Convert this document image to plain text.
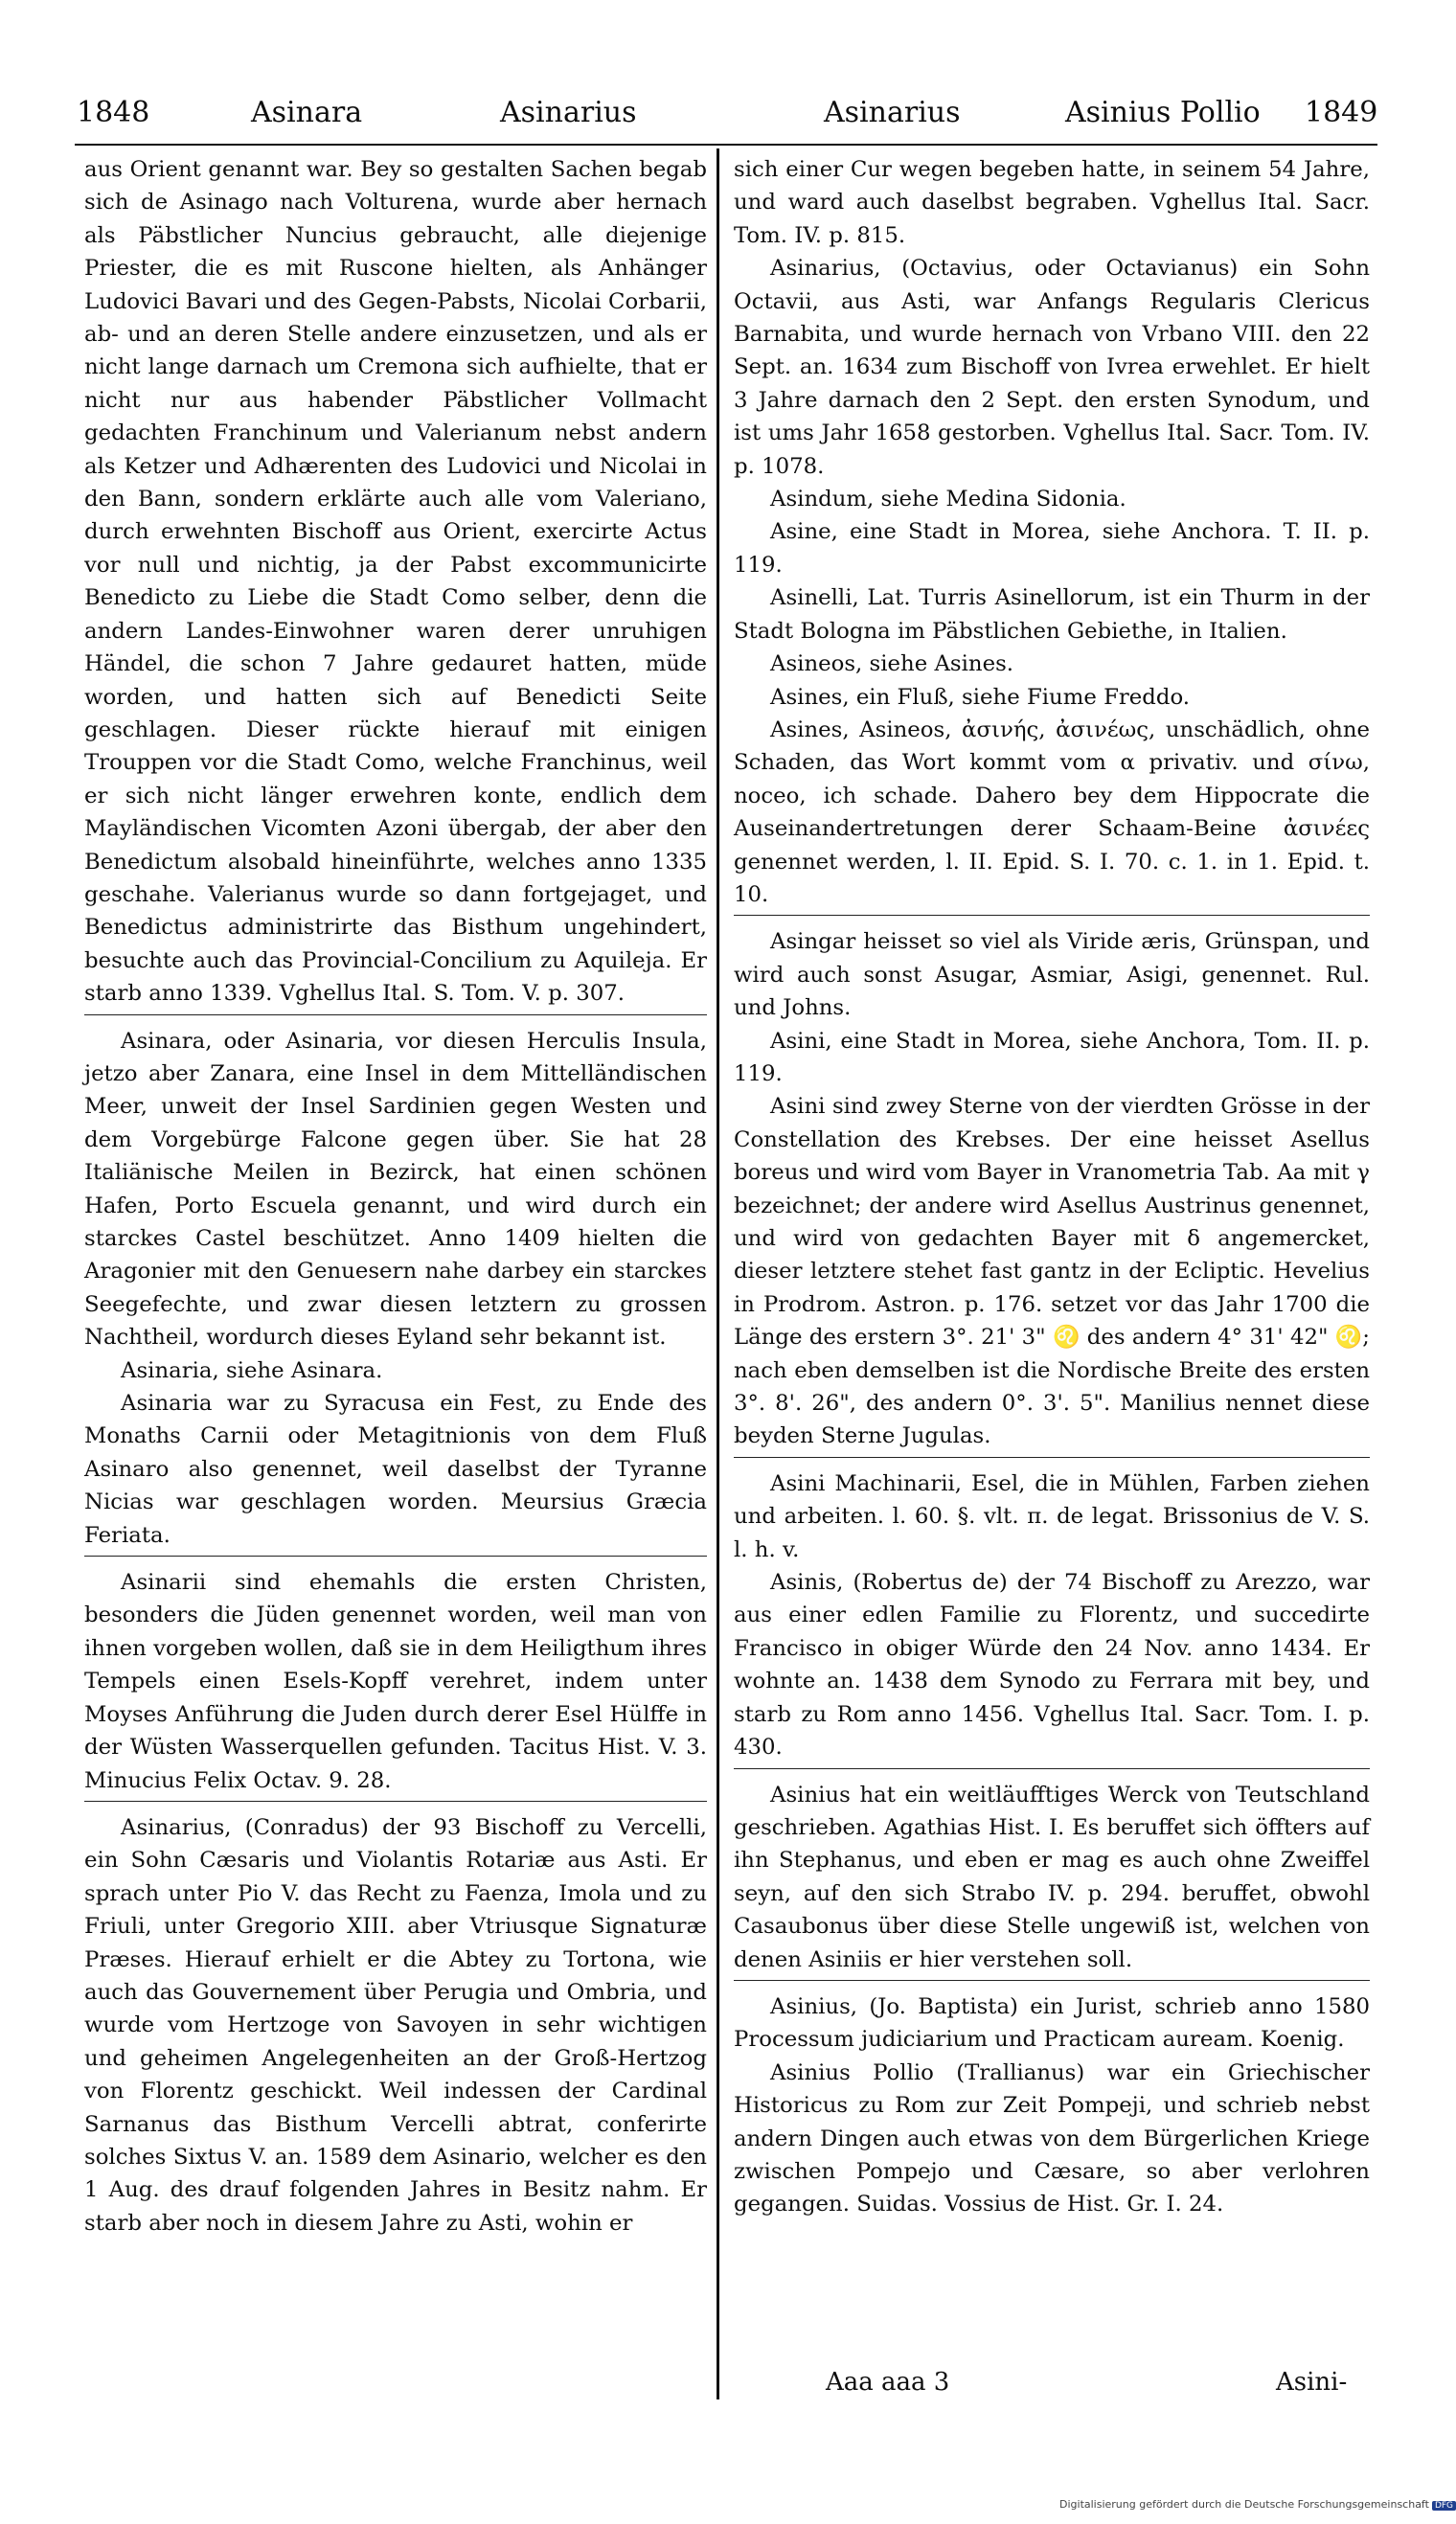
1848	Asinara	Asinarius	Asinarius	Asinius Pollio 1849

aus Orient genannt war. Bey so gestalten Sachen begab sich de Asinago nach Volturena, wurde aber hernach als Päbstlicher Nuncius gebraucht, alle diejenige Priester, die es mit Ruscone hielten, als Anhänger Ludovici Bavari und des Gegen-Pabsts, Nicolai Corbarii, ab- und an deren Stelle andere einzusetzen, und als er nicht lange darnach um Cremona sich aufhielte, that er nicht nur aus habender Päbstlicher Vollmacht gedachten Franchinum und Valerianum nebst andern als Ketzer und Adhærenten des Ludovici und Nicolai in den Bann, sondern erklärte auch alle vom Valeriano, durch erwehnten Bischoff aus Orient, exercirte Actus vor null und nichtig, ja der Pabst excommunicirte Benedicto zu Liebe die Stadt Como selber, denn die andern Landes-Einwohner waren derer unruhigen Händel, die schon 7 Jahre gedauret hatten, müde worden, und hatten sich auf Benedicti Seite geschlagen. Dieser rückte hierauf mit einigen Trouppen vor die Stadt Como, welche Franchinus, weil er sich nicht länger erwehren konte, endlich dem Mayländischen Vicomten Azoni übergab, der aber den Benedictum alsobald hineinführte, welches anno 1335 geschahe. Valerianus wurde so dann fortgejaget, und Benedictus administrirte das Bisthum ungehindert, besuchte auch das Provincial-Concilium zu Aquileja. Er starb anno 1339. Vghellus Ital. S. Tom. V. p. 307.

Asinara, oder Asinaria, vor diesen Herculis Insula, jetzo aber Zanara, eine Insel in dem Mittelländischen Meer, unweit der Insel Sardinien gegen Westen und dem Vorgebürge Falcone gegen über. Sie hat 28 Italiänische Meilen in Bezirck, hat einen schönen Hafen, Porto Escuela genannt, und wird durch ein starckes Castel beschützet. Anno 1409 hielten die Aragonier mit den Genuesern nahe darbey ein starckes Seegefechte, und zwar diesen letztern zu grossen Nachtheil, wordurch dieses Eyland sehr bekannt ist.

Asinaria, siehe Asinara.

Asinaria war zu Syracusa ein Fest, zu Ende des Monaths Carnii oder Metagitnionis von dem Fluß Asinaro also genennet, weil daselbst der Tyranne Nicias war geschlagen worden. Meursius Græcia Feriata.

Asinarii sind ehemahls die ersten Christen, besonders die Jüden genennet worden, weil man von ihnen vorgeben wollen, daß sie in dem Heiligthum ihres Tempels einen Esels-Kopff verehret, indem unter Moyses Anführung die Juden durch derer Esel Hülffe in der Wüsten Wasserquellen gefunden. Tacitus Hist. V. 3. Minucius Felix Octav. 9. 28.

Asinarius, (Conradus) der 93 Bischoff zu Vercelli, ein Sohn Cæsaris und Violantis Rotariæ aus Asti. Er sprach unter Pio V. das Recht zu Faenza, Imola und zu Friuli, unter Gregorio XIII. aber Vtriusque Signaturæ Præses. Hierauf erhielt er die Abtey zu Tortona, wie auch das Gouvernement über Perugia und Ombria, und wurde vom Hertzoge von Savoyen in sehr wichtigen und geheimen Angelegenheiten an der Groß-Hertzog von Florentz geschickt. Weil indessen der Cardinal Sarnanus das Bisthum Vercelli abtrat, conferirte solches Sixtus V. an. 1589 dem Asinario, welcher es den 1 Aug. des drauf folgenden Jahres in Besitz nahm. Er starb aber noch in diesem Jahre zu Asti, wohin er

sich einer Cur wegen begeben hatte, in seinem 54 Jahre, und ward auch daselbst begraben. Vghellus Ital. Sacr. Tom. IV. p. 815.

Asinarius, (Octavius, oder Octavianus) ein Sohn Octavii, aus Asti, war Anfangs Regularis Clericus Barnabita, und wurde hernach von Vrbano VIII. den 22 Sept. an. 1634 zum Bischoff von Ivrea erwehlet. Er hielt 3 Jahre darnach den 2 Sept. den ersten Synodum, und ist ums Jahr 1658 gestorben. Vghellus Ital. Sacr. Tom. IV. p. 1078.

Asindum, siehe Medina Sidonia.

Asine, eine Stadt in Morea, siehe Anchora. T. II. p. 119.

Asinelli, Lat. Turris Asinellorum, ist ein Thurm in der Stadt Bologna im Päbstlichen Gebiethe, in Italien.

Asineos, siehe Asines.

Asines, ein Fluß, siehe Fiume Freddo.

Asines, Asineos, ἀσινής, ἀσινέως, unschädlich, ohne Schaden, das Wort kommt vom α privativ. und σίνω, noceo, ich schade. Dahero bey dem Hippocrate die Auseinandertretungen derer Schaam-Beine ἀσινέες genennet werden, l. II. Epid. S. I. 70. c. 1. in 1. Epid. t. 10.

Asingar heisset so viel als Viride æris, Grünspan, und wird auch sonst Asugar, Asmiar, Asigi, genennet. Rul. und Johns.

Asini, eine Stadt in Morea, siehe Anchora, Tom. II. p. 119.

Asini sind zwey Sterne von der vierdten Grösse in der Constellation des Krebses. Der eine heisset Asellus boreus und wird vom Bayer in Vranometria Tab. Aa mit γ bezeichnet; der andere wird Asellus Austrinus genennet, und wird von gedachten Bayer mit δ angemercket, dieser letztere stehet fast gantz in der Ecliptic. Hevelius in Prodrom. Astron. p. 176. setzet vor das Jahr 1700 die Länge des erstern 3°. 21' 3" ♌ des andern 4° 31' 42" ♌; nach eben demselben ist die Nordische Breite des ersten 3°. 8'. 26", des andern 0°. 3'. 5". Manilius nennet diese beyden Sterne Jugulas.

Asini Machinarii, Esel, die in Mühlen, Farben ziehen und arbeiten. l. 60. §. vlt. π. de legat. Brissonius de V. S. l. h. v.

Asinis, (Robertus de) der 74 Bischoff zu Arezzo, war aus einer edlen Familie zu Florentz, und succedirte Francisco in obiger Würde den 24 Nov. anno 1434. Er wohnte an. 1438 dem Synodo zu Ferrara mit bey, und starb zu Rom anno 1456. Vghellus Ital. Sacr. Tom. I. p. 430.

Asinius hat ein weitläufftiges Werck von Teutschland geschrieben. Agathias Hist. I. Es beruffet sich öffters auf ihn Stephanus, und eben er mag es auch ohne Zweiffel seyn, auf den sich Strabo IV. p. 294. beruffet, obwohl Casaubonus über diese Stelle ungewiß ist, welchen von denen Asiniis er hier verstehen soll.

Asinius, (Jo. Baptista) ein Jurist, schrieb anno 1580 Processum judiciarium und Practicam auream. Koenig.

Asinius Pollio (Trallianus) war ein Griechischer Historicus zu Rom zur Zeit Pompeji, und schrieb nebst andern Dingen auch etwas von dem Bürgerlichen Kriege zwischen Pompejo und Cæsare, so aber verlohren gegangen. Suidas. Vossius de Hist. Gr. I. 24.

Aaa aaa 3	Asini-
Digitalisierung gefördert durch die Deutsche Forschungsgemeinschaft DFG
